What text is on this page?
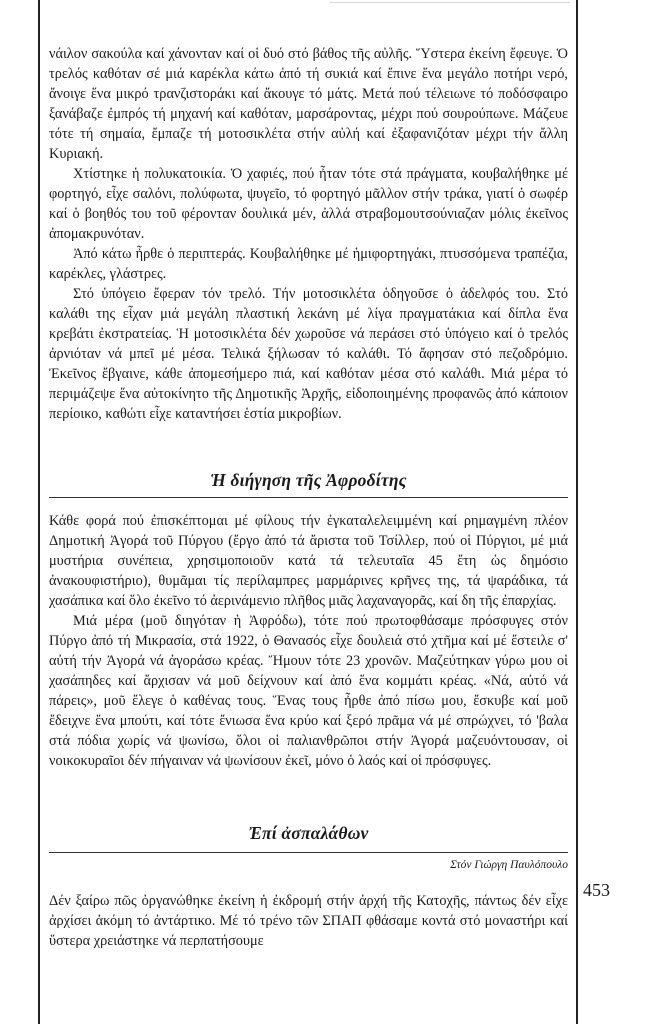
νάιλον σακούλα καί χάνονταν καί οἱ δυό στό βάθος τῆς αὐλῆς. Ὕστερα ἐκείνη ἔφευγε. Ὁ τρελός καθόταν σέ μιά καρέκλα κάτω ἀπό τή συκιά καί ἔπινε ἕνα μεγάλο ποτήρι νερό, ἄνοιγε ἕνα μικρό τρανζιστοράκι καί ἄκουγε τό μάτς. Μετά πού τέλειωνε τό ποδόσφαιρο ξανάβαζε ἐμπρός τή μηχανή καί καθόταν, μαρσάροντας, μέχρι πού σουρούπωνε. Μάζευε τότε τή σημαία, ἔμπαζε τή μοτοσικλέτα στήν αὐλή καί ἐξαφανιζόταν μέχρι τήν ἄλλη Κυριακή.

Χτίστηκε ἡ πολυκατοικία. Ὁ χαφιές, πού ἦταν τότε στά πράγματα, κουβαλήθηκε μέ φορτηγό, εἶχε σαλόνι, πολύφωτα, ψυγεῖο, τό φορτηγό μᾶλλον στήν τράκα, γιατί ὁ σωφέρ καί ὁ βοηθός του τοῦ φέρονταν δουλικά μέν, ἀλλά στραβομουτσούνιαζαν μόλις ἐκεῖνος ἀπομακρυνόταν.

Ἀπό κάτω ἦρθε ὁ περιπτεράς. Κουβαλήθηκε μέ ἡμιφορτηγάκι, πτυσσόμενα τραπέζια, καρέκλες, γλάστρες.

Στό ὑπόγειο ἔφεραν τόν τρελό. Τήν μοτοσικλέτα ὁδηγοῦσε ὁ ἀδελφός του. Στό καλάθι της εἶχαν μιά μεγάλη πλαστική λεκάνη μέ λίγα πραγματάκια καί δίπλα ἕνα κρεβάτι ἐκστρατείας. Ἡ μοτοσικλέτα δέν χωροῦσε νά περάσει στό ὑπόγειο καί ὁ τρελός ἀρνιόταν νά μπεῖ μέ μέσα. Τελικά ξήλωσαν τό καλάθι. Τό ἄφησαν στό πεζοδρόμιο. Ἐκεῖνος ἔβγαινε, κάθε ἀπομεσήμερο πιά, καί καθόταν μέσα στό καλάθι. Μιά μέρα τό περιμάζεψε ἕνα αὐτοκίνητο τῆς Δημοτικῆς Ἀρχῆς, εἰδοποιημένης προφανῶς ἀπό κάποιον περίοικο, καθώτι εἶχε καταντήσει ἑστία μικροβίων.

Ἡ διήγηση τῆς Ἀφροδίτης

Κάθε φορά πού ἐπισκέπτομαι μέ φίλους τήν ἐγκαταλελειμμένη καί ρημαγμένη πλέον Δημοτική Ἀγορά τοῦ Πύργου (ἔργο ἀπό τά ἄριστα τοῦ Τσίλλερ, πού οἱ Πύργιοι, μέ μιά μυστήρια συνέπεια, χρησιμοποιοῦν κατά τά τελευταῖα 45 ἔτη ὡς δημόσιο ἀνακουφιστήριο), θυμᾶμαι τίς περίλαμπρες μαρμάρινες κρῆνες της, τά ψαράδικα, τά χασάπικα καί ὅλο ἐκεῖνο τό ἀερινάμενιο πλῆθος μιᾶς λαχαναγορᾶς, καί δη τῆς ἐπαρχίας.

Μιά μέρα (μοῦ διηγόταν ἡ Ἀφρόδω), τότε πού πρωτοφθάσαμε πρόσφυγες στόν Πύργο ἀπό τή Μικρασία, στά 1922, ὁ Θανασός εἶχε δουλειά στό χτῆμα καί μέ ἔστειλε σ' αὐτή τήν Ἀγορά νά ἀγοράσω κρέας. Ἤμουν τότε 23 χρονῶν. Μαζεύτηκαν γύρω μου οἱ χασάπηδες καί ἄρχισαν νά μοῦ δείχνουν καί ἀπό ἕνα κομμάτι κρέας. «Νά, αὐτό νά πάρεις», μοῦ ἔλεγε ὁ καθένας τους. Ἕνας τους ἦρθε ἀπό πίσω μου, ἔσκυβε καί μοῦ ἔδειχνε ἕνα μπούτι, καί τότε ἔνιωσα ἕνα κρύο καί ξερό πρᾶμα νά μέ σπρώχνει, τό 'βαλα στά πόδια χωρίς νά ψωνίσω, ὅλοι οἱ παλιανθρῶποι στήν Ἀγορά μαζευόντουσαν, οἱ νοικοκυραῖοι δέν πήγαιναν νά ψωνίσουν ἐκεῖ, μόνο ὁ λαός καί οἱ πρόσφυγες.

Ἐπί ἀσπαλάθων
Στόν Γιώργη Παυλόπουλο

Δέν ξαίρω πῶς ὀργανώθηκε ἐκείνη ἡ ἐκδρομή στήν ἀρχή τῆς Κατοχῆς, πάντως δέν εἶχε ἀρχίσει ἀκόμη τό ἀντάρτικο. Μέ τό τρένο τῶν ΣΠΑΠ φθάσαμε κοντά στό μοναστήρι καί ὕστερα χρειάστηκε νά περπατήσουμε

453
